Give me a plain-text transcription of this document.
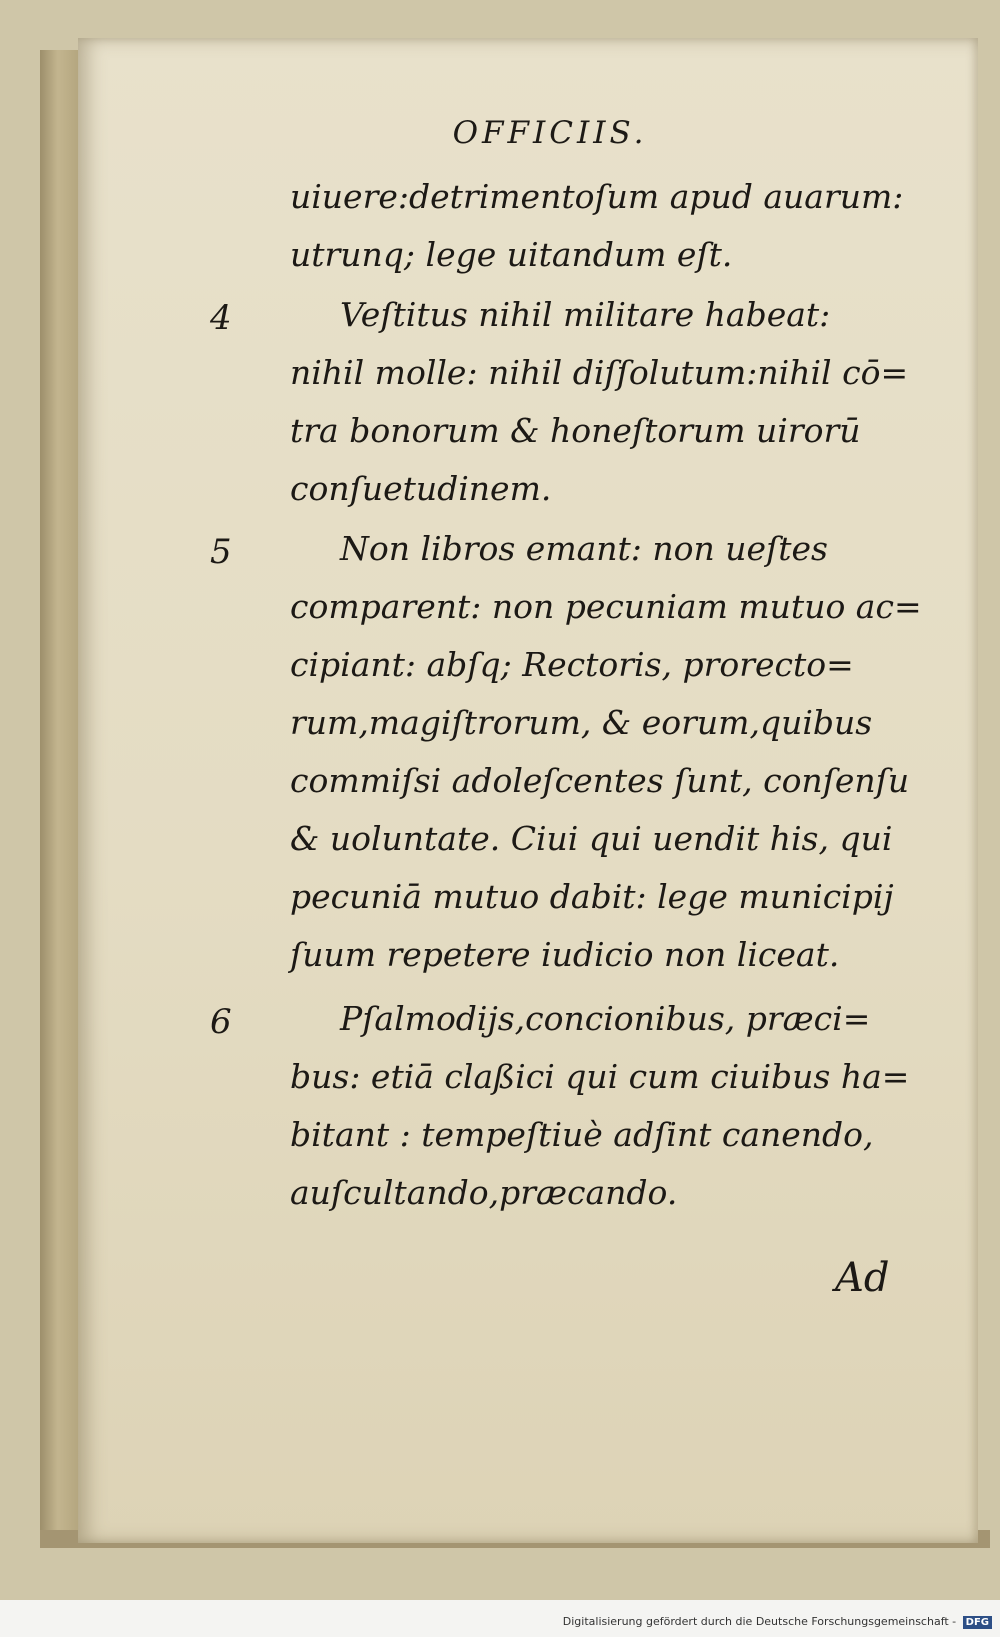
OFFICIIS.
uiuere:detrimentoſum apud auarum:
utrunq; lege uitandum eſt.
4	Veſtitus nihil militare habeat:
nihil molle: nihil diſſolutum:nihil cō=
tra bonorum & honeſtorum uirorū
conſuetudinem.
5	Non libros emant: non ueſtes
comparent: non pecuniam mutuo ac=
cipiant: abſq; Rectoris, prorecto=
rum,magiſtrorum, & eorum,quibus
commiſsi adoleſcentes ſunt, conſenſu
& uoluntate. Ciui qui uendit his, qui
pecuniā mutuo dabit: lege municipij
ſuum repetere iudicio non liceat.
6	Pſalmodijs,concionibus, præci=
bus: etiā claßici qui cum ciuibus ha=
bitant : tempeſtiuè adſint canendo,
auſcultando,præcando.
Ad
Digitalisierung gefördert durch die Deutsche Forschungsgemeinschaft - DFG
